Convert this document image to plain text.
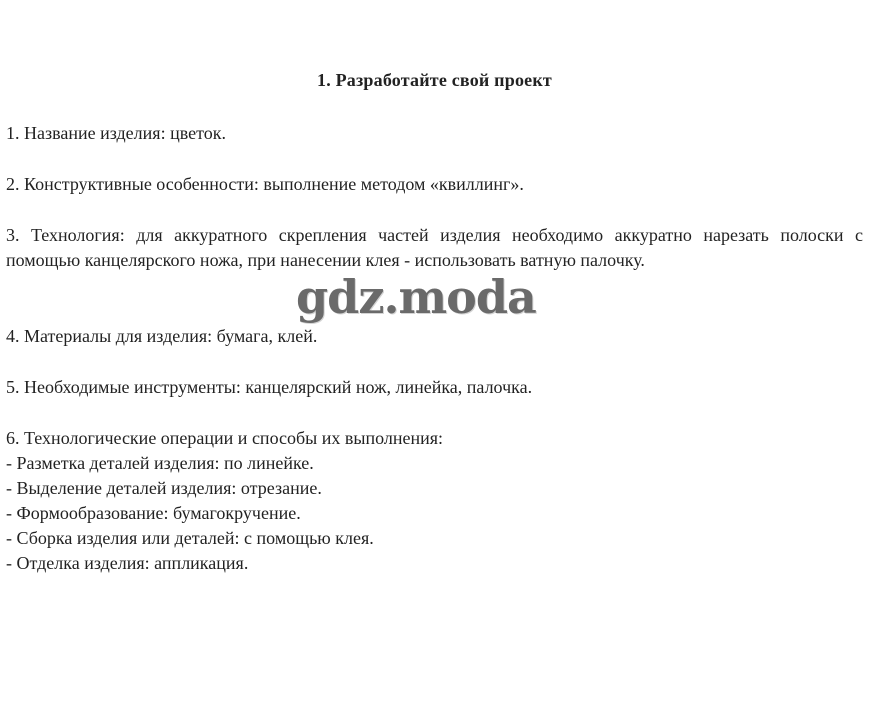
1. Разработайте свой проект

1. Название изделия: цветок.

2. Конструктивные особенности: выполнение методом «квиллинг».

3. Технология: для аккуратного скрепления частей изделия необходимо аккуратно нарезать полоски с помощью канцелярского ножа, при нанесении клея - использовать ватную палочку.

4. Материалы для изделия: бумага, клей.

5. Необходимые инструменты: канцелярский нож, линейка, палочка.

6. Технологические операции и способы их выполнения:

- Разметка деталей изделия: по линейке.
- Выделение деталей изделия: отрезание.
- Формообразование: бумагокручение.
- Сборка изделия или деталей: с помощью клея.
- Отделка изделия: аппликация.
gdz.moda
